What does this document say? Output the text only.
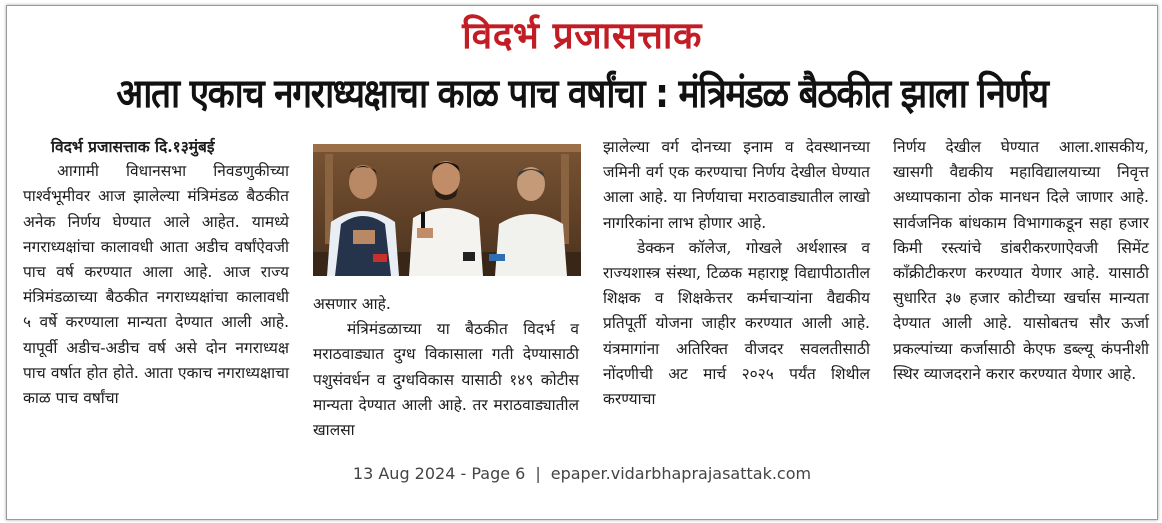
विदर्भ प्रजासत्ताक
आता एकाच नगराध्यक्षाचा काळ पाच वर्षांचा : मंत्रिमंडळ बैठकीत झाला निर्णय

विदर्भ प्रजासत्ताक दि.१३मुंबई

आगामी विधानसभा निवडणुकीच्या पार्श्वभूमीवर आज झालेल्या मंत्रिमंडळ बैठकीत अनेक निर्णय घेण्यात आले आहेत. यामध्ये नगराध्यक्षांचा कालावधी आता अडीच वर्षांऐवजी पाच वर्ष करण्यात आला आहे. आज राज्य मंत्रिमंडळाच्या बैठकीत नगराध्यक्षांचा कालावधी ५ वर्षे करण्याला मान्यता देण्यात आली आहे. यापूर्वी अडीच-अडीच वर्ष असे दोन नगराध्यक्ष पाच वर्षात होत होते. आता एकाच नगराध्यक्षाचा काळ पाच वर्षांचा

असणार आहे.

मंत्रिमंडळाच्या या बैठकीत विदर्भ व मराठवाड्यात दुग्ध विकासाला गती देण्यासाठी पशुसंवर्धन व दुग्धविकास यासाठी १४९ कोटीस मान्यता देण्यात आली आहे. तर मराठवाड्यातील खालसा

झालेल्या वर्ग दोनच्या इनाम व देवस्थानच्या जमिनी वर्ग एक करण्याचा निर्णय देखील घेण्यात आला आहे. या निर्णयाचा मराठवाड्यातील लाखो नागरिकांना लाभ होणार आहे.

डेक्कन कॉलेज, गोखले अर्थशास्त्र व राज्यशास्त्र संस्था, टिळक महाराष्ट्र विद्यापीठातील शिक्षक व शिक्षकेत्तर कर्मचाऱ्यांना वैद्यकीय प्रतिपूर्ती योजना जाहीर करण्यात आली आहे. यंत्रमागांना अतिरिक्त वीजदर सवलतीसाठी नोंदणीची अट मार्च २०२५ पर्यंत शिथील करण्याचा

निर्णय देखील घेण्यात आला.शासकीय, खासगी वैद्यकीय महाविद्यालयाच्या निवृत्त अध्यापकाना ठोक मानधन दिले जाणार आहे. सार्वजनिक बांधकाम विभागाकडून सहा हजार किमी रस्त्यांचे डांबरीकरणाऐवजी सिमेंट काँक्रीटीकरण करण्यात येणार आहे. यासाठी सुधारित ३७ हजार कोटीच्या खर्चास मान्यता देण्यात आली आहे. यासोबतच सौर ऊर्जा प्रकल्पांच्या कर्जासाठी केएफ डब्ल्यू कंपनीशी स्थिर व्याजदराने करार करण्यात येणार आहे.

13 Aug 2024 - Page 6 | epaper.vidarbhaprajasattak.com
